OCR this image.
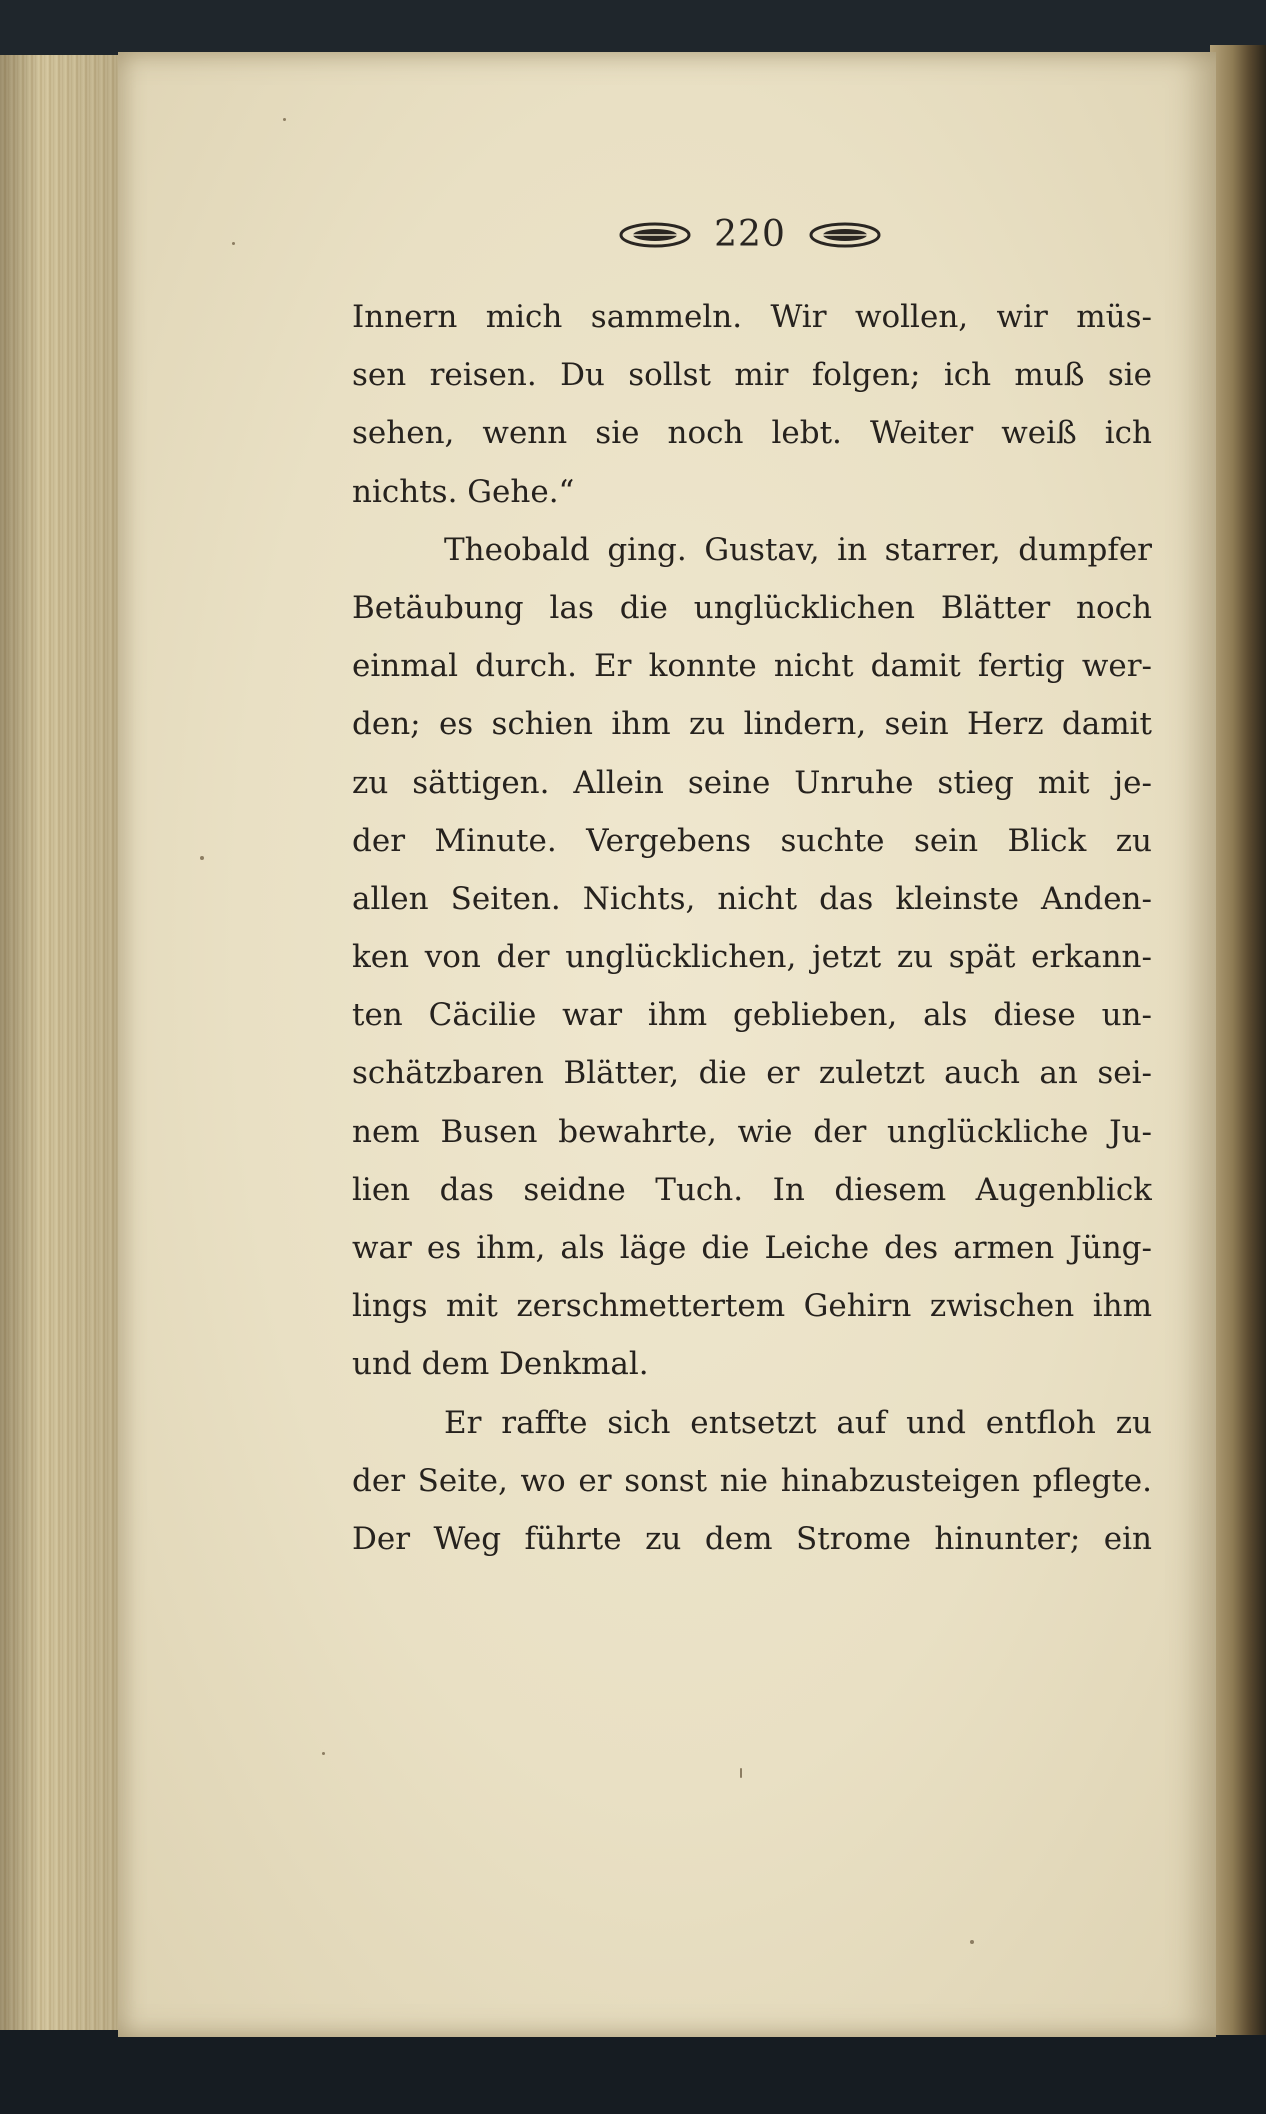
220
Innern mich sammeln. Wir wollen, wir müs-
sen reisen. Du sollst mir folgen; ich muß sie
sehen, wenn sie noch lebt. Weiter weiß ich
nichts. Gehe.“
Theobald ging. Gustav, in starrer, dumpfer
Betäubung las die unglücklichen Blätter noch
einmal durch. Er konnte nicht damit fertig wer-
den; es schien ihm zu lindern, sein Herz damit
zu sättigen. Allein seine Unruhe stieg mit je-
der Minute. Vergebens suchte sein Blick zu
allen Seiten. Nichts, nicht das kleinste Anden-
ken von der unglücklichen, jetzt zu spät erkann-
ten Cäcilie war ihm geblieben, als diese un-
schätzbaren Blätter, die er zuletzt auch an sei-
nem Busen bewahrte, wie der unglückliche Ju-
lien das seidne Tuch. In diesem Augenblick
war es ihm, als läge die Leiche des armen Jüng-
lings mit zerschmettertem Gehirn zwischen ihm
und dem Denkmal.
Er raffte sich entsetzt auf und entfloh zu
der Seite, wo er sonst nie hinabzusteigen pflegte.
Der Weg führte zu dem Strome hinunter; ein
